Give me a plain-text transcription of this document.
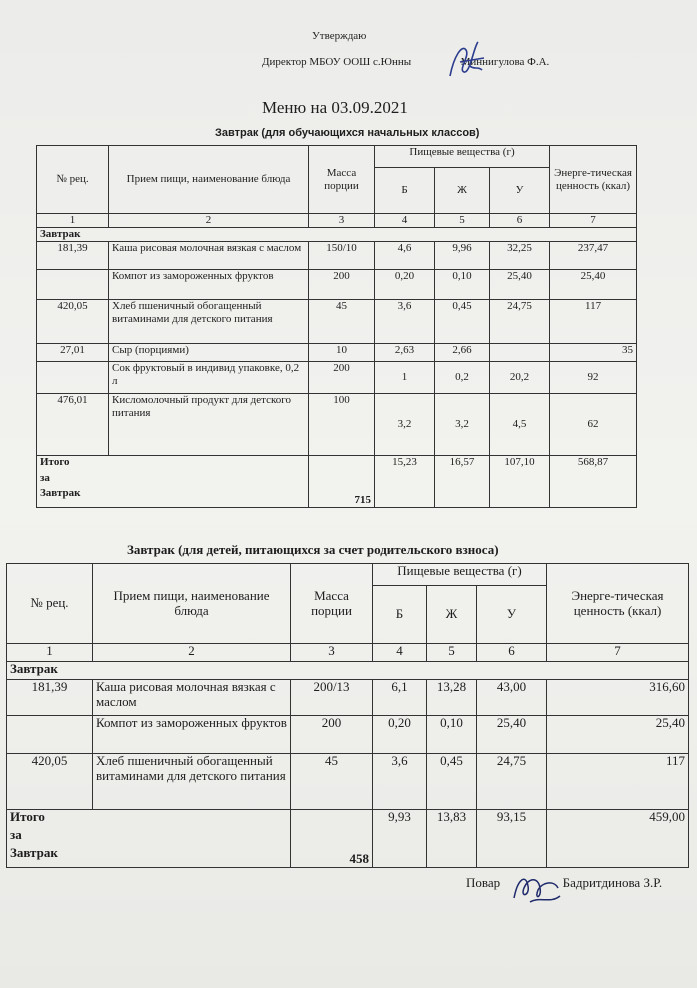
Утверждаю
Директор МБОУ ООШ с.Юнны	Миннигулова Ф.А.
Меню на 03.09.2021
Завтрак (для обучающихся начальных классов)
№ рец.	Прием пищи, наименование блюда	Масса порции	Пищевые вещества (г)			Энерге-тическая ценность (ккал)
			Б	Ж	У	
1	2	3	4	5	6	7
Завтрак						
181,39	Каша рисовая молочная вязкая с маслом	150/10	4,6	9,96	32,25	237,47
	Компот из замороженных фруктов	200	0,20	0,10	25,40	25,40
420,05	Хлеб пшеничный обогащенный витаминами для детского питания	45	3,6	0,45	24,75	117
27,01	Сыр (порциями)	10	2,63	2,66		35
	Сок фруктовый в индивид упаковке, 0,2 л	200	1	0,2	20,2	92
476,01	Кисломолочный продукт для детского питания	100	3,2	3,2	4,5	62

Итого
за
Завтрак		715	15,23	16,57	107,10	568,87
Завтрак (для детей, питающихся за счет родительского взноса)
№ рец.	Прием пищи, наименование блюда	Масса порции	Пищевые вещества (г)			Энерге-тическая ценность (ккал)
			Б	Ж	У	
1	2	3	4	5	6	7
Завтрак						
181,39	Каша рисовая молочная вязкая с маслом	200/13	6,1	13,28	43,00	316,60
	Компот из замороженных фруктов	200	0,20	0,10	25,40	25,40
420,05	Хлеб пшеничный обогащенный витаминами для детского питания	45	3,6	0,45	24,75	117

Итого
за
Завтрак		458	9,93	13,83	93,15	459,00
Повар	Бадритдинова З.Р.
